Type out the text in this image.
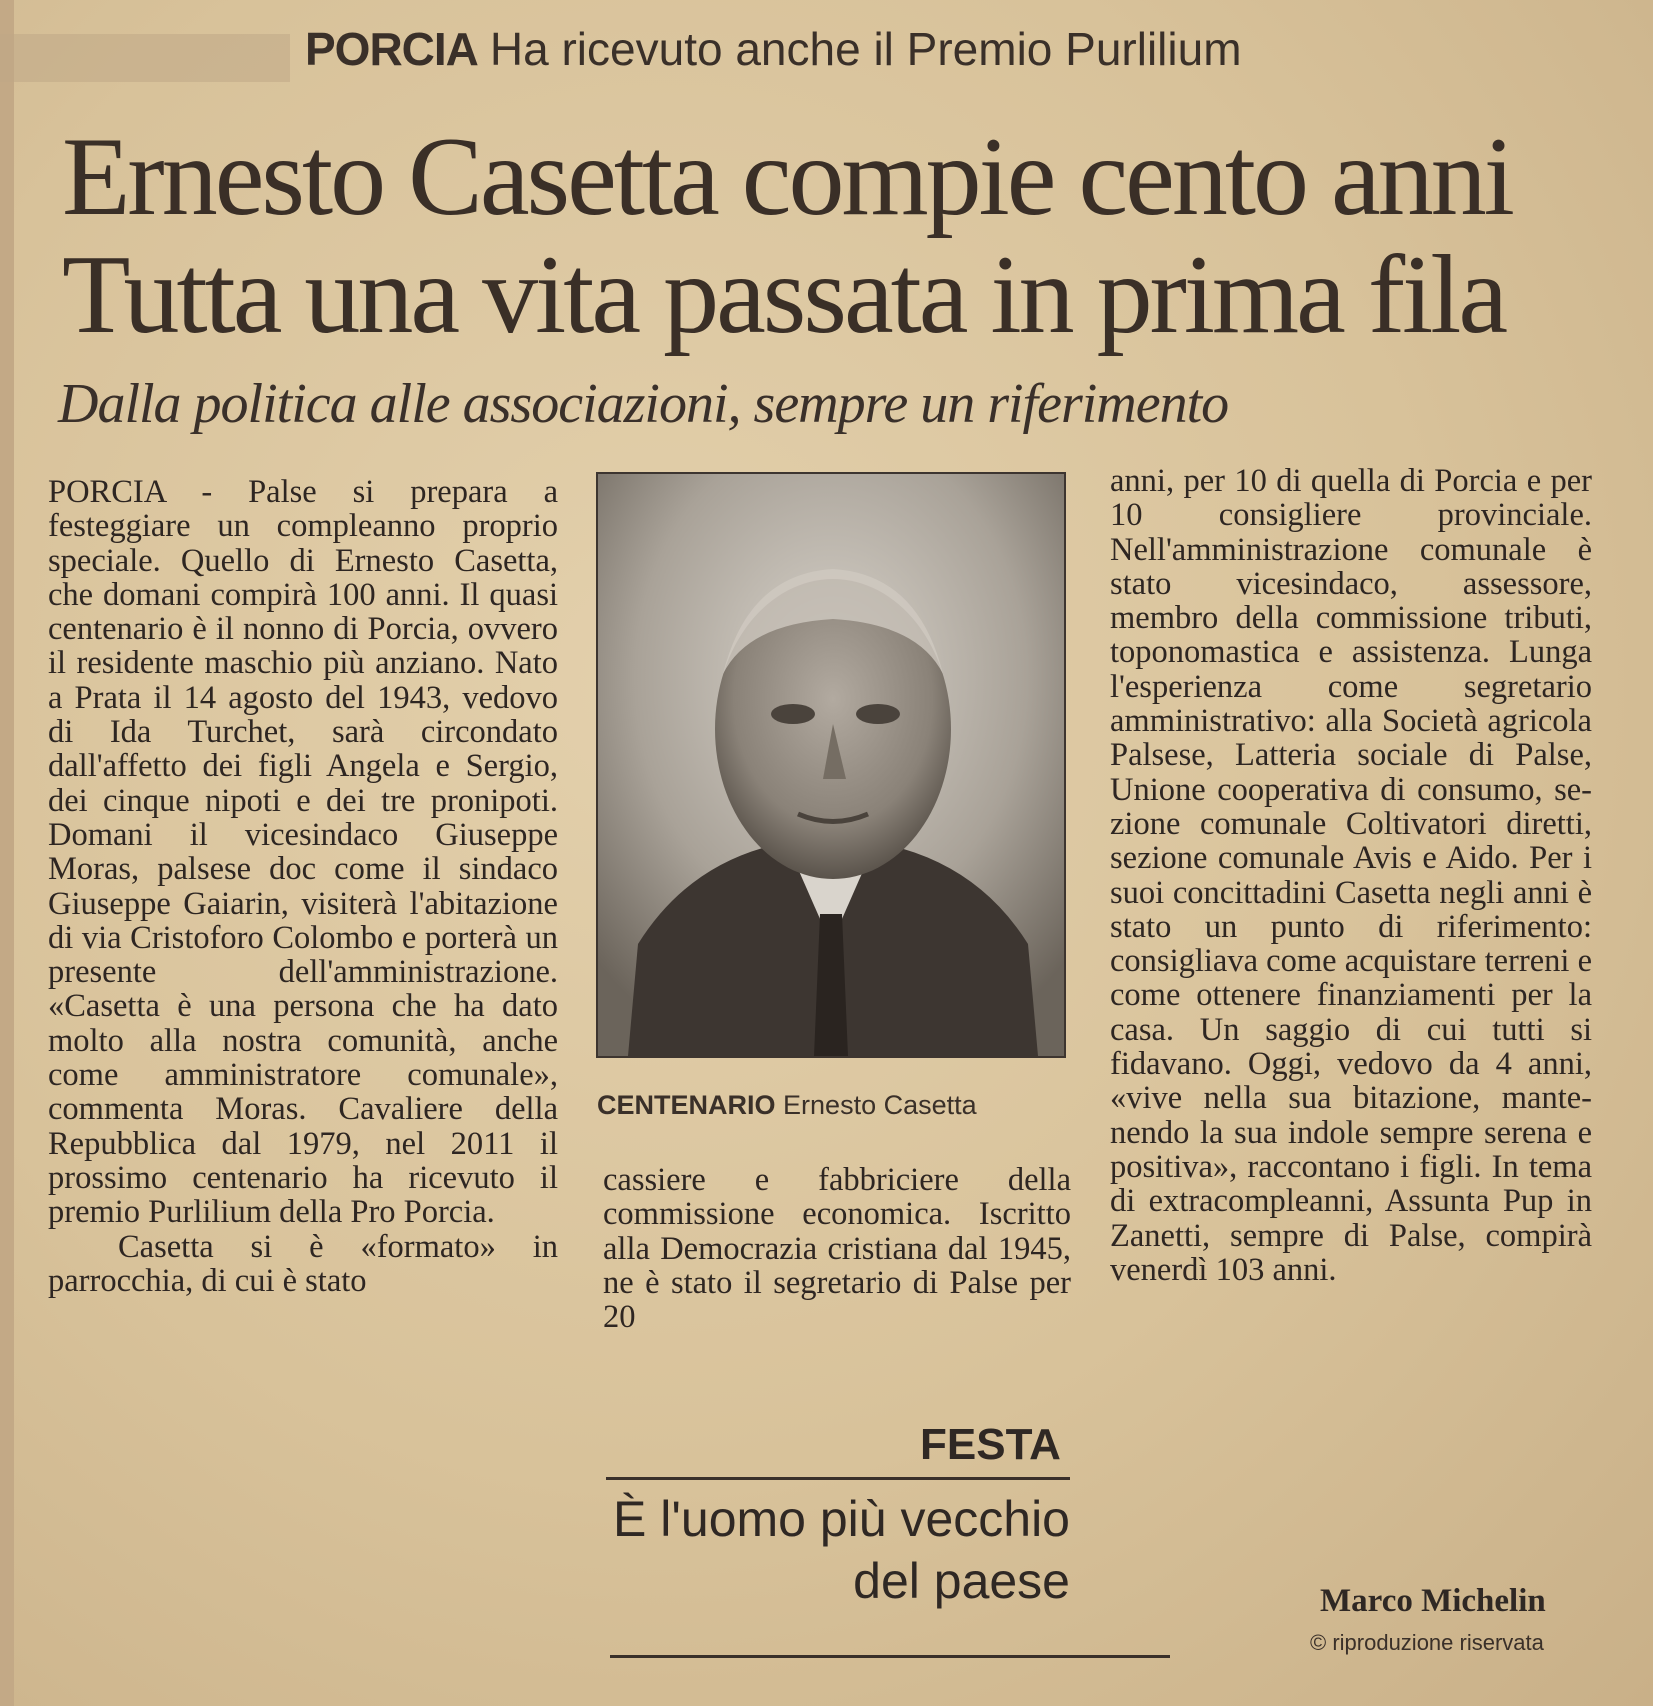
PORCIA Ha ricevuto anche il Premio Purlilium
Ernesto Casetta compie cento anni
Tutta una vita passata in prima fila
Dalla politica alle associazioni, sempre un riferimento

PORCIA - Palse si prepara a festeggiare un compleanno proprio speciale. Quello di Ernesto Casetta, che domani compirà 100 anni. Il quasi centenario è il nonno di Porcia, ovvero il residente maschio più anziano. Nato a Prata il 14 agosto del 1943, vedovo di Ida Turchet, sarà circondato dall'affetto dei figli Angela e Sergio, dei cinque nipoti e dei tre pronipoti. Domani il vicesindaco Giuseppe Moras, palsese doc come il sindaco Giuseppe Gaiarin, visiterà l'abitazione di via Cristoforo Colombo e porterà un presente dell'amministrazione. «Casetta è una persona che ha dato molto alla nostra comunità, anche come amministratore comunale», commenta Moras. Cavaliere della Repubblica dal 1979, nel 2011 il prossimo centenario ha ricevuto il premio Purlilium della Pro Porcia.

Casetta si è «formato» in parrocchia, di cui è stato

CENTENARIO Ernesto Casetta

cassiere e fabbriciere della commissione economica. Iscritto alla Democrazia cristiana dal 1945, ne è stato il segretario di Palse per 20

FESTA
È l'uomo più vecchio
del paese

anni, per 10 di quella di Porcia e per 10 consigliere provinciale. Nell'amministrazione comunale è stato vicesindaco, assessore, membro della commissione tributi, toponomastica e assistenza. Lunga l'esperienza come segretario amministrativo: alla Società agricola Palsese, Latteria sociale di Palse, Unione cooperativa di consumo, sezione comunale Coltivatori diretti, sezione comunale Avis e Aido. Per i suoi concittadini Casetta negli anni è stato un punto di riferimento: consigliava come acquistare terreni e come ottenere finanziamenti per la casa. Un saggio di cui tutti si fidavano. Oggi, vedovo da 4 anni, «vive nella sua bitazione, mantenendo la sua indole sempre serena e positiva», raccontano i figli. In tema di extracompleanni, Assunta Pup in Zanetti, sempre di Palse, compirà venerdì 103 anni.

Marco Michelin
© riproduzione riservata
